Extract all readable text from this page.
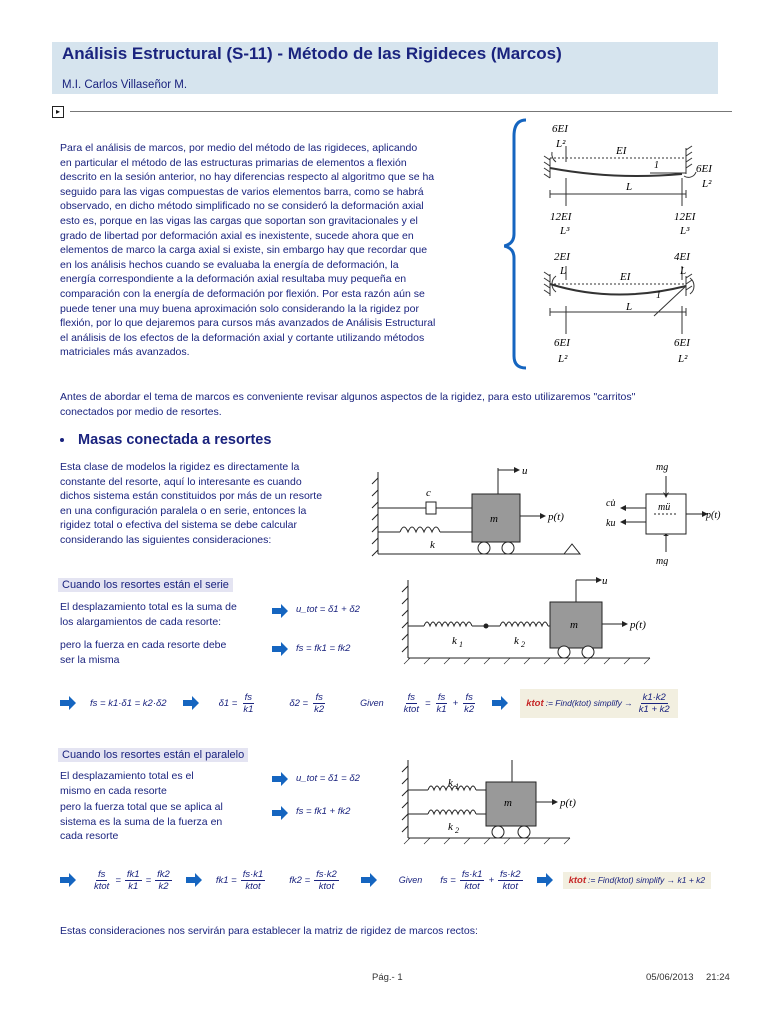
Análisis Estructural (S-11) - Método de las Rigideces (Marcos)
M.I. Carlos Villaseñor M.
▸
Para el análisis de marcos, por medio del método de las rigideces, aplicando
en particular el método de las estructuras primarias de elementos a flexión
descrito en la sesión anterior, no hay diferencias respecto al algoritmo que se ha
seguido para las vigas compuestas de varios elementos barra, como se habrá
observado, en dicho método simplificado no se consideró la deformación axial
esto es, porque en las vigas las cargas que soportan son gravitacionales y el
grado de libertad por deformación axial es inexistente, sucede ahora que en
elementos de marco la carga axial si existe, sin embargo hay que recordar que
en los análisis hechos cuando se evaluaba la energía de deformación, la
energía correspondiente a la deformación axial resultaba muy pequeña en
comparación con la energía de deformación por flexión. Por esta razón aún se
puede tener una muy buena aproximación solo considerando la la rigidez por
flexión, por lo que dejaremos para cursos más avanzados de Análisis Estructural
el análisis de los efectos de la deformación axial y cortante utilizando métodos
matriciales más avanzados.
6EI
L²
EI
1
L
6EI
L²
12EI
L³
12EI
L³
2EI
L
4EI
L
EI
1
L
6EI
L²
6EI
L²
Antes de abordar el tema de marcos es conveniente revisar algunos aspectos de la rigidez, para esto utilizaremos "carritos"
conectados por medio de resortes.
Masas conectada a resortes
Esta clase de modelos la rigidez es directamente la
constante del resorte, aquí lo interesante es cuando
dichos sistema están constituidos por más de un resorte
en una configuración paralela o en serie, entonces la
rigidez total o efectiva del sistema se debe calcular
considerando las siguientes consideraciones:
u
c
k
m	p(t)
mg
cu̇
ku
mü
p(t)
mg
Cuando los resortes están el serie
El desplazamiento total es la suma de
los alargamientos de cada resorte:
pero la fuerza en cada resorte debe
ser la misma
u_tot = δ1 + δ2
fs = fk1 = fk2
u
k 1	k 2
m	p(t)
fs = k1·δ1 = k2·δ2	$\delta 1 = \frac{fs}{k1}$	$\delta 2 = \frac{fs}{k2}$	Given $\frac{fs}{\text{ktot}} = \frac{fs}{k1} + \frac{fs}{k2}$	ktot := Find(ktot) simplify → $\frac{k1\cdot k2}{k1 + k2}$
Cuando los resortes están el paralelo
El desplazamiento total es el
mismo en cada resorte
pero la fuerza total que se aplica al
sistema es la suma de la fuerza en
cada resorte
u_tot = δ1 = δ2
fs = fk1 + fk2
k 1
k 2
m	p(t)
$\frac{fs}{\text{ktot}} = \frac{fk1}{k1} = \frac{fk2}{k2}$	$fk1 = \frac{fs\cdot k1}{\text{ktot}}$	$fk2 = \frac{fs\cdot k2}{\text{ktot}}$	Given fs = $\frac{fs\cdot k1}{\text{ktot}} + \frac{fs\cdot k2}{\text{ktot}}$	ktot := Find(ktot) simplify → k1 + k2
Estas consideraciones nos servirán para establecer la matriz de rigidez de marcos rectos:
Pág.- 1	05/06/2013 21:24
